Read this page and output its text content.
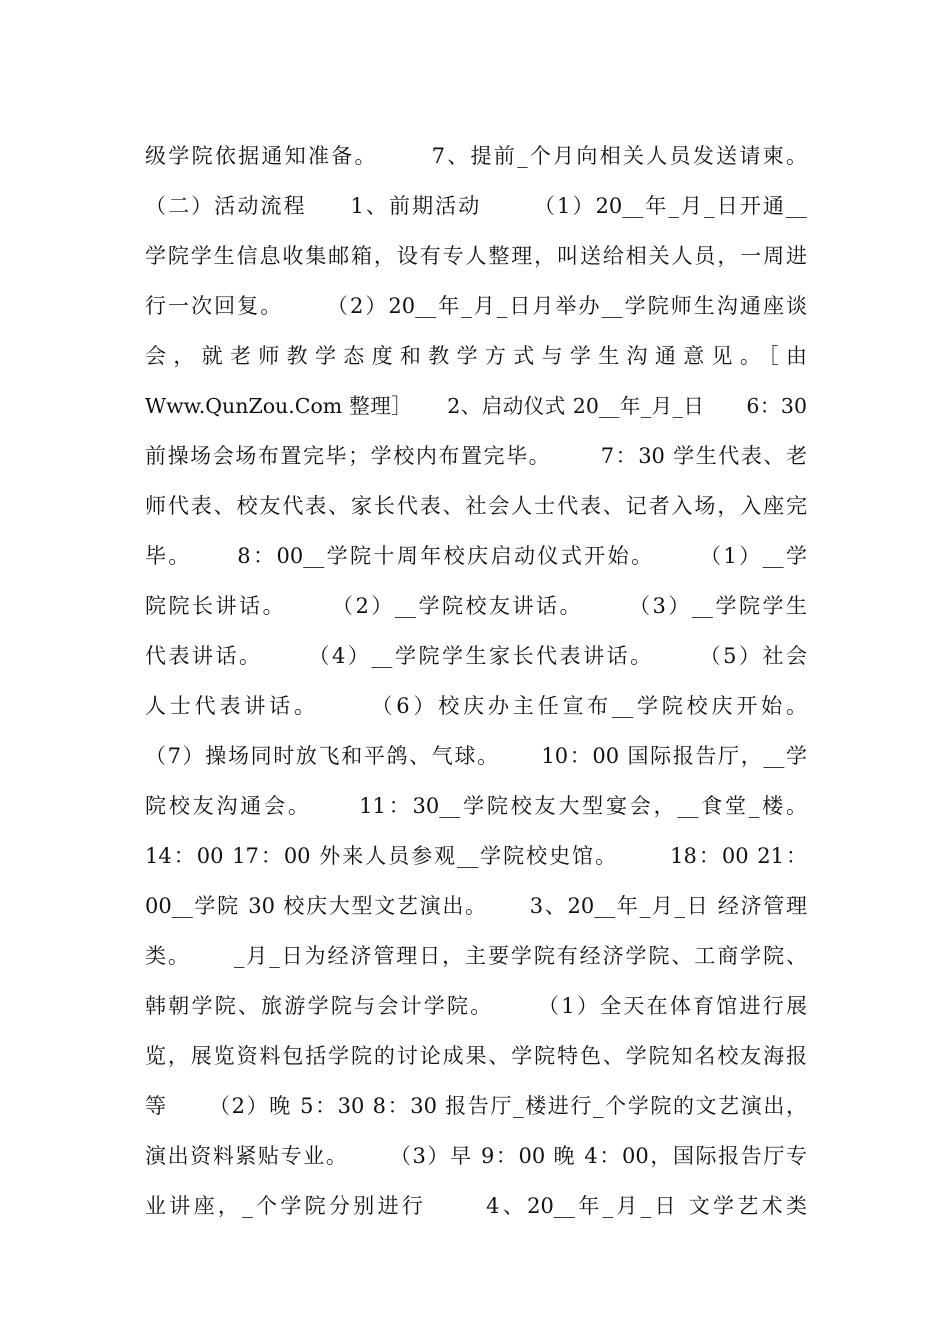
级学院依据通知准备。      7、提前_个月向相关人员发送请柬。
（二）活动流程     1、前期活动      （1）20__年_月_日开通__
学院学生信息收集邮箱，设有专人整理，叫送给相关人员，一周进
行一次回复。     （2）20__年_月_日月举办__学院师生沟通座谈
会，就老师教学态度和教学方式与学生沟通意见。［由
Www.QunZou.Com 整理］     2、启动仪式 20__年_月_日      6：30
前操场会场布置完毕；学校内布置完毕。      7：30 学生代表、老
师代表、校友代表、家长代表、社会人士代表、记者入场，入座完
毕。     8：00__学院十周年校庆启动仪式开始。     （1）__学
院院长讲话。     （2）__学院校友讲话。     （3）__学院学生
代表讲话。     （4）__学院学生家长代表讲话。     （5）社会
人士代表讲话。     （6）校庆办主任宣布__学院校庆开始。
（7）操场同时放飞和平鸽、气球。     10：00 国际报告厅，__学
院校友沟通会。     11：30__学院校友大型宴会，__食堂_楼。
14：00 17：00 外来人员参观__学院校史馆。      18：00 21：
00__学院 30 校庆大型文艺演出。     3、20__年_月_日 经济管理
类。     _月_日为经济管理日，主要学院有经济学院、工商学院、
韩朝学院、旅游学院与会计学院。     （1）全天在体育馆进行展
览，展览资料包括学院的讨论成果、学院特色、学院知名校友海报
等     （2）晚 5：30 8：30 报告厅_楼进行_个学院的文艺演出，
演出资料紧贴专业。     （3）早 9：00 晚 4：00，国际报告厅专
业讲座，_个学院分别进行      4、20__年_月_日 文学艺术类
